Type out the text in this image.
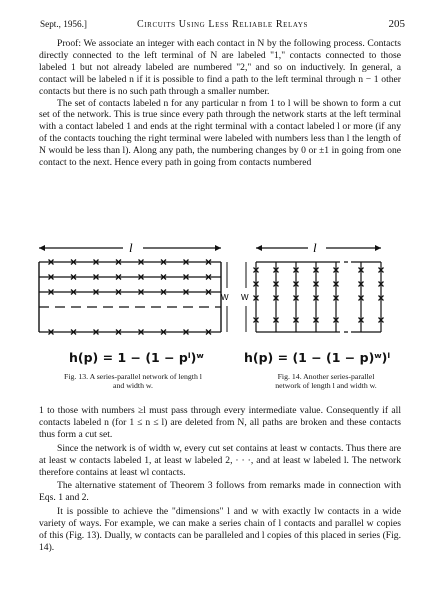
Sept., 1956.]	Circuits Using Less Reliable Relays	205

Proof: We associate an integer with each contact in N by the following process. Contacts directly connected to the left terminal of N are labeled "1," contacts connected to those labeled 1 but not already labeled are numbered "2," and so on inductively. In general, a contact will be labeled n if it is possible to find a path to the left terminal through n − 1 other contacts but there is no such path through a smaller number.

The set of contacts labeled n for any particular n from 1 to l will be shown to form a cut set of the network. This is true since every path through the network starts at the left terminal with a contact labeled 1 and ends at the right terminal with a contact labeled l or more (if any of the contacts touching the right terminal were labeled with numbers less than l the length of N would be less than l). Along any path, the numbering changes by 0 or ±1 in going from one contact to the next. Hence every path in going from contacts numbered

l
W
h(p) = 1 − (1 − pˡ)ʷ
Fig. 13. A series-parallel network of length l
and width w.
l
W
h(p) = (1 − (1 − p)ʷ)ˡ
Fig. 14. Another series-parallel
network of length l and width w.

1 to those with numbers ≥l must pass through every intermediate value. Consequently if all contacts labeled n (for 1 ≤ n ≤ l) are deleted from N, all paths are broken and these contacts thus form a cut set.

Since the network is of width w, every cut set contains at least w contacts. Thus there are at least w contacts labeled 1, at least w labeled 2, · · ·, and at least w labeled l. The network therefore contains at least wl contacts.

The alternative statement of Theorem 3 follows from remarks made in connection with Eqs. 1 and 2.

It is possible to achieve the "dimensions" l and w with exactly lw contacts in a wide variety of ways. For example, we can make a series chain of l contacts and parallel w copies of this (Fig. 13). Dually, w contacts can be paralleled and l copies of this placed in series (Fig. 14).
